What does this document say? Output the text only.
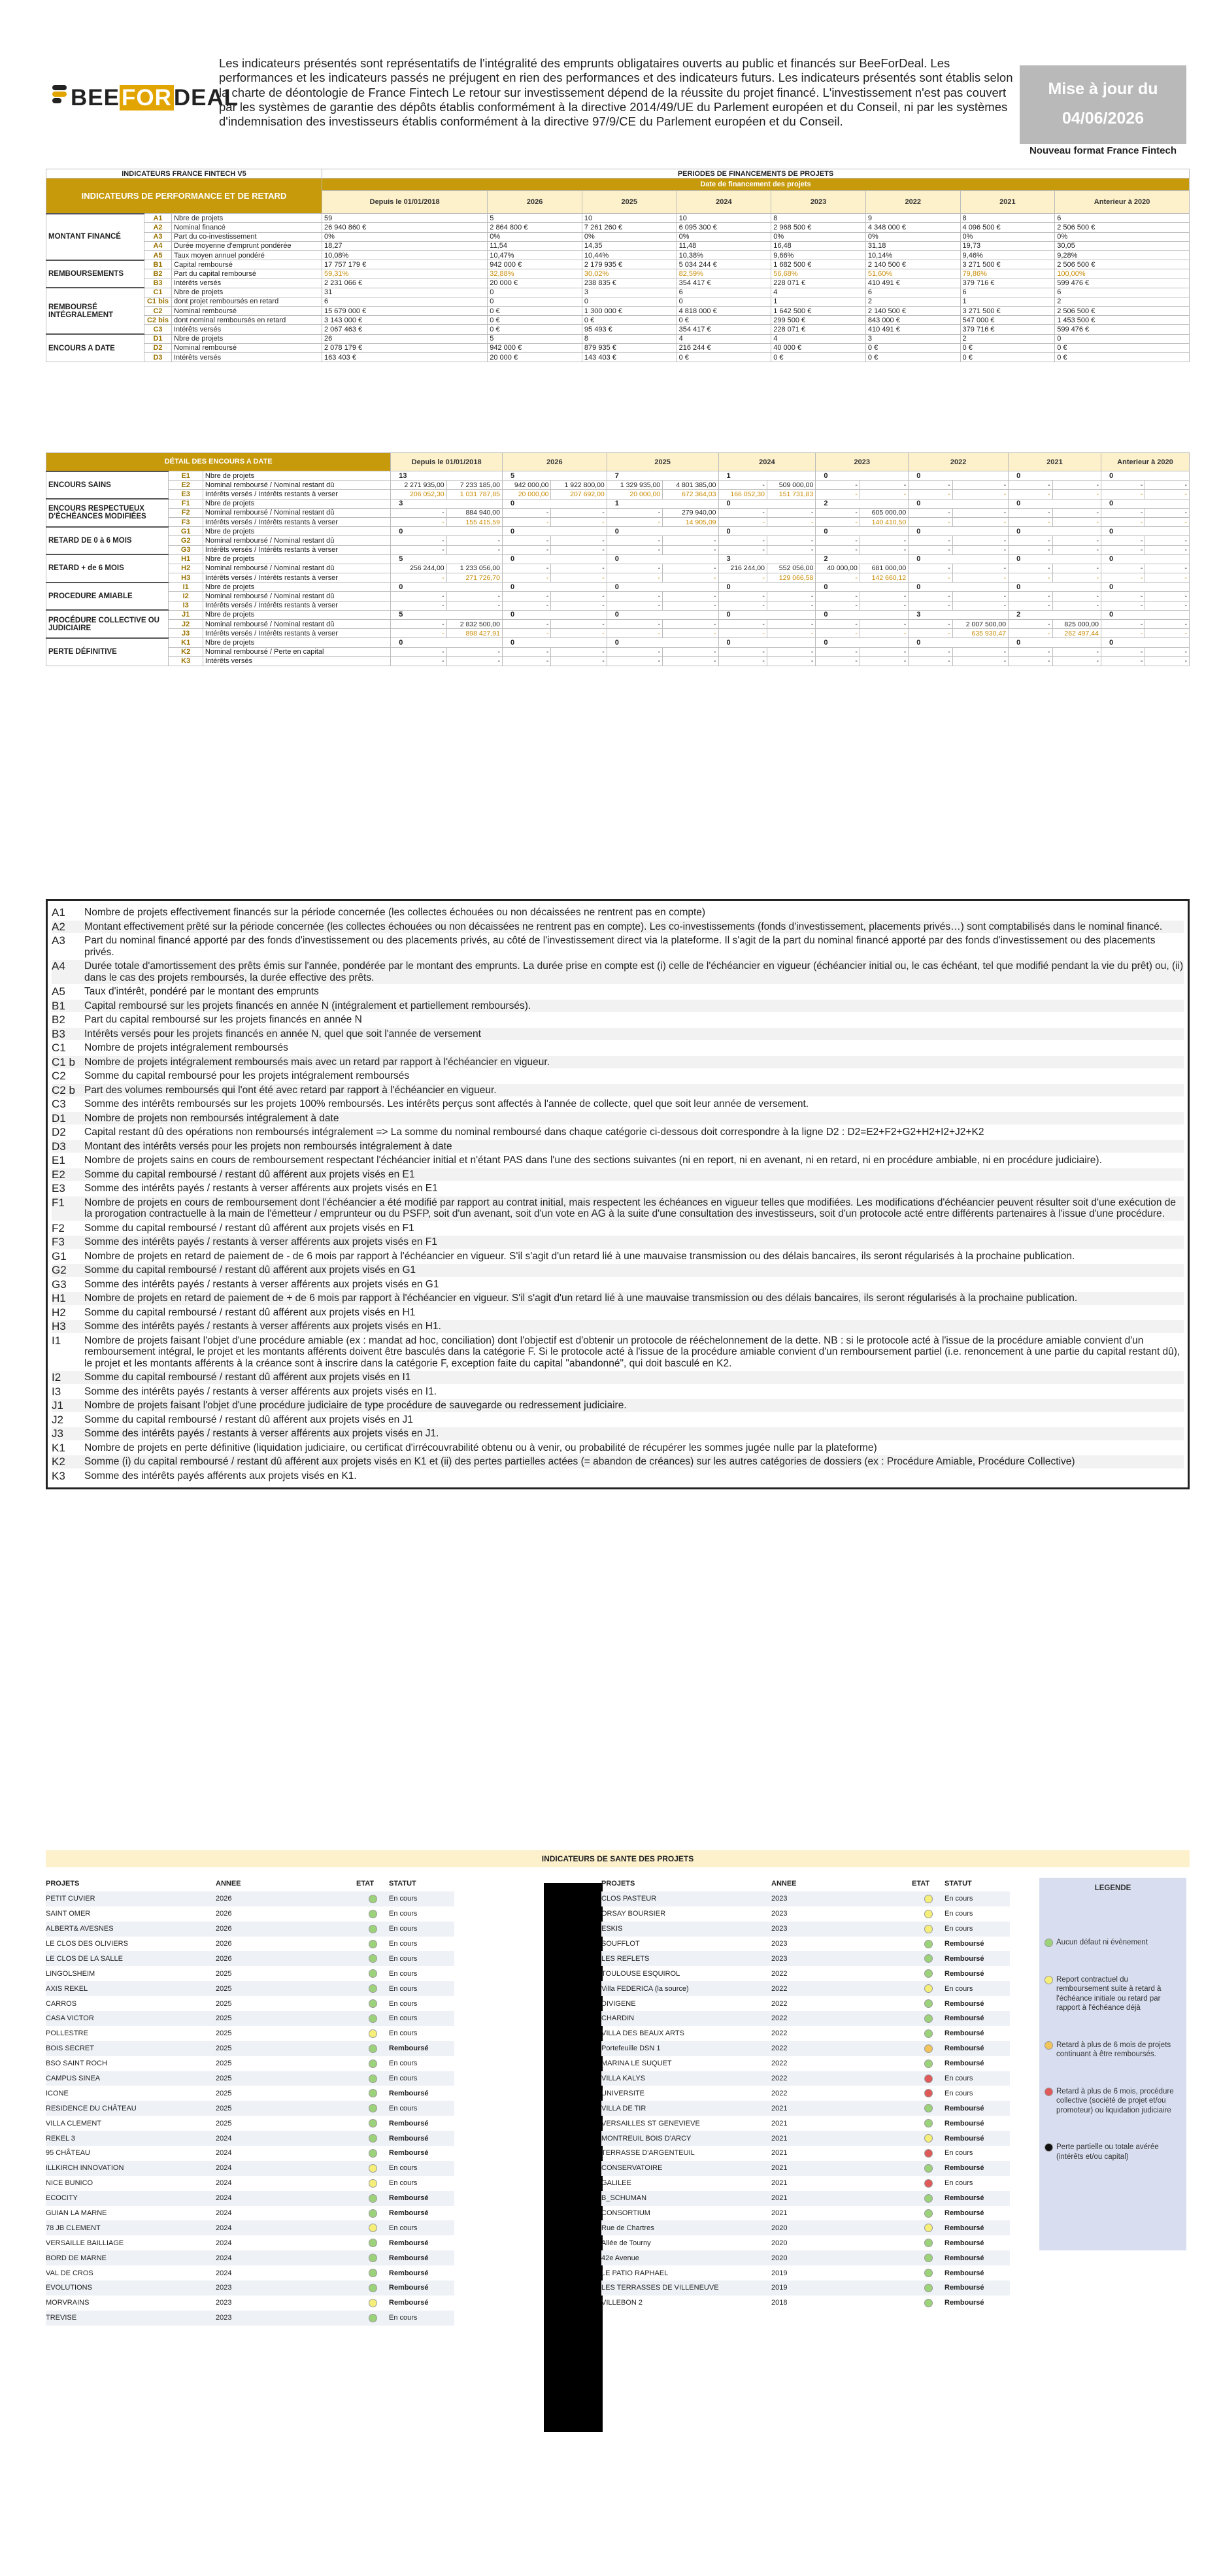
BEEFORDEAL
Les indicateurs présentés sont représentatifs de l'intégralité des emprunts obligataires ouverts au public et financés sur BeeForDeal. Les performances et les indicateurs passés ne préjugent en rien des performances et des indicateurs futurs. Les indicateurs présentés sont établis selon la charte de déontologie de France Fintech Le retour sur investissement dépend de la réussite du projet financé. L'investissement n'est pas couvert par les systèmes de garantie des dépôts établis conformément à la directive 2014/49/UE du Parlement européen et du Conseil, ni par les systèmes d'indemnisation des investisseurs établis conformément à la directive 97/9/CE du Parlement européen et du Conseil.
Mise à jour du
04/06/2026
Nouveau format France Fintech
INDICATEURS FRANCE FINTECH V5			PERIODES DE FINANCEMENTS DE PROJETS							
INDICATEURS DE PERFORMANCE ET DE RETARD			Date de financement des projets							
			Depuis le 01/01/2018	2026	2025	2024	2023	2022	2021	Anterieur à 2020
MONTANT FINANCÉ	A1	Nbre de projets	59	5	10	10	8	9	8	6
	A2	Nominal financé	26 940 860 €	2 864 800 €	7 261 260 €	6 095 300 €	2 968 500 €	4 348 000 €	4 096 500 €	2 506 500 €
	A3	Part du co-investissement	0%	0%	0%	0%	0%	0%	0%	0%
	A4	Durée moyenne d'emprunt pondérée	18,27	11,54	14,35	11,48	16,48	31,18	19,73	30,05
	A5	Taux moyen annuel pondéré	10,08%	10,47%	10,44%	10,38%	9,66%	10,14%	9,46%	9,28%
REMBOURSEMENTS	B1	Capital remboursé	17 757 179 €	942 000 €	2 179 935 €	5 034 244 €	1 682 500 €	2 140 500 €	3 271 500 €	2 506 500 €
	B2	Part du capital remboursé	59,31%	32,88%	30,02%	82,59%	56,68%	51,60%	79,86%	100,00%
	B3	Intérêts versés	2 231 066 €	20 000 €	238 835 €	354 417 €	228 071 €	410 491 €	379 716 €	599 476 €
REMBOURSÉ INTÉGRALEMENT	C1	Nbre de projets	31	0	3	6	4	6	6	6
	C1 bis	dont projet remboursés en retard	6	0	0	0	1	2	1	2
	C2	Nominal remboursé	15 679 000 €	0 €	1 300 000 €	4 818 000 €	1 642 500 €	2 140 500 €	3 271 500 €	2 506 500 €
	C2 bis	dont nominal remboursés en retard	3 143 000 €	0 €	0 €	0 €	299 500 €	843 000 €	547 000 €	1 453 500 €
	C3	Intérêts versés	2 067 463 €	0 €	95 493 €	354 417 €	228 071 €	410 491 €	379 716 €	599 476 €
ENCOURS A DATE	D1	Nbre de projets	26	5	8	4	4	3	2	0
	D2	Nominal remboursé	2 078 179 €	942 000 €	879 935 €	216 244 €	40 000 €	0 €	0 €	0 €
	D3	Intérêts versés	163 403 €	20 000 €	143 403 €	0 €	0 €	0 €	0 €	0 €
DÉTAIL DES ENCOURS A DATE			Depuis le 01/01/2018		2026		2025		2024		2023		2022		2021		Anterieur à 2020	
ENCOURS SAINS	E1	Nbre de projets	13		5		7		1		0		0		0		0	
	E2	Nominal remboursé / Nominal restant dû	2 271 935,00	7 233 185,00	942 000,00	1 922 800,00	1 329 935,00	4 801 385,00	-	509 000,00	-	-	-	-	-	-	-	-
	E3	Intérêts versés / Intérêts restants à verser	206 052,30	1 031 787,85	20 000,00	207 692,00	20 000,00	672 364,03	166 052,30	151 731,83	-	-	-	-	-	-	-	-
ENCOURS RESPECTUEUX D'ÉCHÉANCES MODIFIÉES	F1	Nbre de projets	3		0		1		0		2		0		0		0	
	F2	Nominal remboursé / Nominal restant dû	-	884 940,00	-	-	-	279 940,00	-	-	-	605 000,00	-	-	-	-	-	-
	F3	Intérêts versés / Intérêts restants à verser	-	155 415,59	-	-	-	14 905,09	-	-	-	140 410,50	-	-	-	-	-	-
RETARD DE 0 à 6 MOIS	G1	Nbre de projets	0		0		0		0		0		0		0		0	
	G2	Nominal remboursé / Nominal restant dû	-	-	-	-	-	-	-	-	-	-	-	-	-	-	-	-
	G3	Intérêts versés / Intérêts restants à verser	-	-	-	-	-	-	-	-	-	-	-	-	-	-	-	-
RETARD + de 6 MOIS	H1	Nbre de projets	5		0		0		3		2		0		0		0	
	H2	Nominal remboursé / Nominal restant dû	256 244,00	1 233 056,00	-	-	-	-	216 244,00	552 056,00	40 000,00	681 000,00	-	-	-	-	-	-
	H3	Intérêts versés / Intérêts restants à verser	-	271 726,70	-	-	-	-	-	129 066,58	-	142 660,12	-	-	-	-	-	-
PROCEDURE AMIABLE	I1	Nbre de projets	0		0		0		0		0		0		0		0	
	I2	Nominal remboursé / Nominal restant dû	-	-	-	-	-	-	-	-	-	-	-	-	-	-	-	-
	I3	Intérêts versés / Intérêts restants à verser	-	-	-	-	-	-	-	-	-	-	-	-	-	-	-	-
PROCÉDURE COLLECTIVE OU JUDICIAIRE	J1	Nbre de projets	5		0		0		0		0		3		2		0	
	J2	Nominal remboursé / Nominal restant dû	-	2 832 500,00	-	-	-	-	-	-	-	-	-	2 007 500,00	-	825 000,00	-	-
	J3	Intérêts versés / Intérêts restants à verser	-	898 427,91	-	-	-	-	-	-	-	-	-	635 930,47	-	262 497,44	-	-
PERTE DÉFINITIVE	K1	Nbre de projets	0		0		0		0		0		0		0		0	
	K2	Nominal remboursé / Perte en capital	-	-	-	-	-	-	-	-	-	-	-	-	-	-	-	-
	K3	Intérêts versés	-	-	-	-	-	-	-	-	-	-	-	-	-	-	-	-
A1	Nombre de projets effectivement financés sur la période concernée (les collectes échouées ou non décaissées ne rentrent pas en compte)
A2	Montant effectivement prêté sur la période concernée (les collectes échouées ou non décaissées ne rentrent pas en compte). Les co-investissements (fonds d'investissement, placements privés…) sont comptabilisés dans le nominal financé.
A3	Part du nominal financé apporté par des fonds d'investissement ou des placements privés, au côté de l'investissement direct via la plateforme. Il s'agit de la part du nominal financé apporté par des fonds d'investissement ou des placements privés.
A4	Durée totale d'amortissement des prêts émis sur l'année, pondérée par le montant des emprunts. La durée prise en compte est (i) celle de l'échéancier en vigueur (échéancier initial ou, le cas échéant, tel que modifié pendant la vie du prêt) ou, (ii) dans le cas des projets remboursés, la durée effective des prêts.
A5	Taux d'intérêt, pondéré par le montant des emprunts
B1	Capital remboursé sur les projets financés en année N (intégralement et partiellement remboursés).
B2	Part du capital remboursé sur les projets financés en année N
B3	Intérêts versés pour les projets financés en année N, quel que soit l'année de versement
C1	Nombre de projets intégralement remboursés
C1 b Nombre de projets intégralement remboursés mais avec un retard par rapport à l'échéancier en vigueur.
C2	Somme du capital remboursé pour les projets intégralement remboursés
C2 b Part des volumes remboursés qui l'ont été avec retard par rapport à l'échéancier en vigueur.
C3	Somme des intérêts remboursés sur les projets 100% remboursés. Les intérêts perçus sont affectés à l'année de collecte, quel que soit leur année de versement.
D1	Nombre de projets non remboursés intégralement à date
D2	Capital restant dû des opérations non remboursés intégralement => La somme du nominal remboursé dans chaque catégorie ci-dessous doit correspondre à la ligne D2 : D2=E2+F2+G2+H2+I2+J2+K2
D3	Montant des intérêts versés pour les projets non remboursés intégralement à date
E1	Nombre de projets sains en cours de remboursement respectant l'échéancier initial et n'étant PAS dans l'une des sections suivantes (ni en report, ni en avenant, ni en retard, ni en procédure ambiable, ni en procédure judiciaire).
E2	Somme du capital remboursé / restant dû afférent aux projets visés en E1
E3	Somme des intérêts payés / restants à verser afférents aux projets visés en E1
F1	Nombre de projets en cours de remboursement dont l'échéancier a été modifié par rapport au contrat initial, mais respectent les échéances en vigueur telles que modifiées. Les modifications d'échéancier peuvent résulter soit d'une exécution de la prorogation contractuelle à la main de l'émetteur / emprunteur ou du PSFP, soit d'un avenant, soit d'un vote en AG à la suite d'une consultation des investisseurs, soit d'un protocole acté entre différents partenaires à l'issue d'une procédure.
F2	Somme du capital remboursé / restant dû afférent aux projets visés en F1
F3	Somme des intérêts payés / restants à verser afférents aux projets visés en F1
G1	Nombre de projets en retard de paiement de - de 6 mois par rapport à l'échéancier en vigueur. S'il s'agit d'un retard lié à une mauvaise transmission ou des délais bancaires, ils seront régularisés à la prochaine publication.
G2	Somme du capital remboursé / restant dû afférent aux projets visés en G1
G3	Somme des intérêts payés / restants à verser afférents aux projets visés en G1
H1	Nombre de projets en retard de paiement de + de 6 mois par rapport à l'échéancier en vigueur. S'il s'agit d'un retard lié à une mauvaise transmission ou des délais bancaires, ils seront régularisés à la prochaine publication.
H2	Somme du capital remboursé / restant dû afférent aux projets visés en H1
H3	Somme des intérêts payés / restants à verser afférents aux projets visés en H1.
I1	Nombre de projets faisant l'objet d'une procédure amiable (ex : mandat ad hoc, conciliation) dont l'objectif est d'obtenir un protocole de rééchelonnement de la dette. NB : si le protocole acté à l'issue de la procédure amiable convient d'un remboursement intégral, le projet et les montants afférents doivent être basculés dans la catégorie F. Si le protocole acté à l'issue de la procédure amiable convient d'un remboursement partiel (i.e. renoncement à une partie du capital restant dû), le projet et les montants afférents à la créance sont à inscrire dans la catégorie F, exception faite du capital "abandonné", qui doit basculé en K2.
I2	Somme du capital remboursé / restant dû afférent aux projets visés en I1
I3	Somme des intérêts payés / restants à verser afférents aux projets visés en I1.
J1	Nombre de projets faisant l'objet d'une procédure judiciaire de type procédure de sauvegarde ou redressement judiciaire.
J2	Somme du capital remboursé / restant dû afférent aux projets visés en J1
J3	Somme des intérêts payés / restants à verser afférents aux projets visés en J1.
K1	Nombre de projets en perte définitive (liquidation judiciaire, ou certificat d'irrécouvrabilité obtenu ou à venir, ou probabilité de récupérer les sommes jugée nulle par la plateforme)
K2	Somme (i) du capital remboursé / restant dû afférent aux projets visés en K1 et (ii) des pertes partielles actées (= abandon de créances) sur les autres catégories de dossiers (ex : Procédure Amiable, Procédure Collective)
K3	Somme des intérêts payés afférents aux projets visés en K1.
INDICATEURS DE SANTE DES PROJETS
PROJETS	ANNEE	ETAT	STATUT
PETIT CUVIER	2026	En cours
SAINT OMER	2026	En cours
ALBERT& AVESNES	2026	En cours
LE CLOS DES OLIVIERS	2026	En cours
LE CLOS DE LA SALLE	2026	En cours
LINGOLSHEIM	2025	En cours
AXIS REKEL	2025	En cours
CARROS	2025	En cours
CASA VICTOR	2025	En cours
POLLESTRE	2025	En cours
BOIS SECRET	2025	Remboursé
BSO SAINT ROCH	2025	En cours
CAMPUS SINEA	2025	En cours
ICONE	2025	Remboursé
RESIDENCE DU CHÂTEAU	2025	En cours
VILLA CLEMENT	2025	Remboursé
REKEL 3	2024	Remboursé
95 CHÂTEAU	2024	Remboursé
ILLKIRCH INNOVATION	2024	En cours
NICE BUNICO	2024	En cours
ECOCITY	2024	Remboursé
GUIAN LA MARNE	2024	Remboursé
78 JB CLEMENT	2024	En cours
VERSAILLE BAILLIAGE	2024	Remboursé
BORD DE MARNE	2024	Remboursé
VAL DE CROS	2024	Remboursé
EVOLUTIONS	2023	Remboursé
MORVRAINS	2023	Remboursé
TREVISE	2023	En cours
PROJETS	ANNEE	ETAT	STATUT
CLOS PASTEUR	2023	En cours
ORSAY BOURSIER	2023	En cours
ESKIS	2023	En cours
SOUFFLOT	2023	Remboursé
LES REFLETS	2023	Remboursé
TOULOUSE ESQUIROL	2022	Remboursé
Villa FEDERICA (la source)	2022	En cours
DIVIGENE	2022	Remboursé
CHARDIN	2022	Remboursé
VILLA DES BEAUX ARTS	2022	Remboursé
Portefeuille DSN 1	2022	Remboursé
MARINA LE SUQUET	2022	Remboursé
VILLA KALYS	2022	En cours
UNIVERSITE	2022	En cours
VILLA DE TIR	2021	Remboursé
VERSAILLES ST GENEVIEVE	2021	Remboursé
MONTREUIL BOIS D'ARCY	2021	Remboursé
TERRASSE D'ARGENTEUIL	2021	En cours
CONSERVATOIRE	2021	Remboursé
GALILEE	2021	En cours
B_SCHUMAN	2021	Remboursé
CONSORTIUM	2021	Remboursé
Rue de Chartres	2020	Remboursé
Allée de Tourny	2020	Remboursé
42e Avenue	2020	Remboursé
LE PATIO RAPHAEL	2019	Remboursé
LES TERRASSES DE VILLENEUVE	2019	Remboursé
VILLEBON 2	2018	Remboursé
LEGENDE
Aucun défaut ni évènement
Report contractuel du remboursement suite à retard à l'échéance initiale ou retard par rapport à l'échéance déjà
Retard à plus de 6 mois de projets continuant à être remboursés.
Retard à plus de 6 mois, procédure collective (société de projet et/ou promoteur) ou liquidation judiciaire
Perte partielle ou totale avérée (intérêts et/ou capital)
